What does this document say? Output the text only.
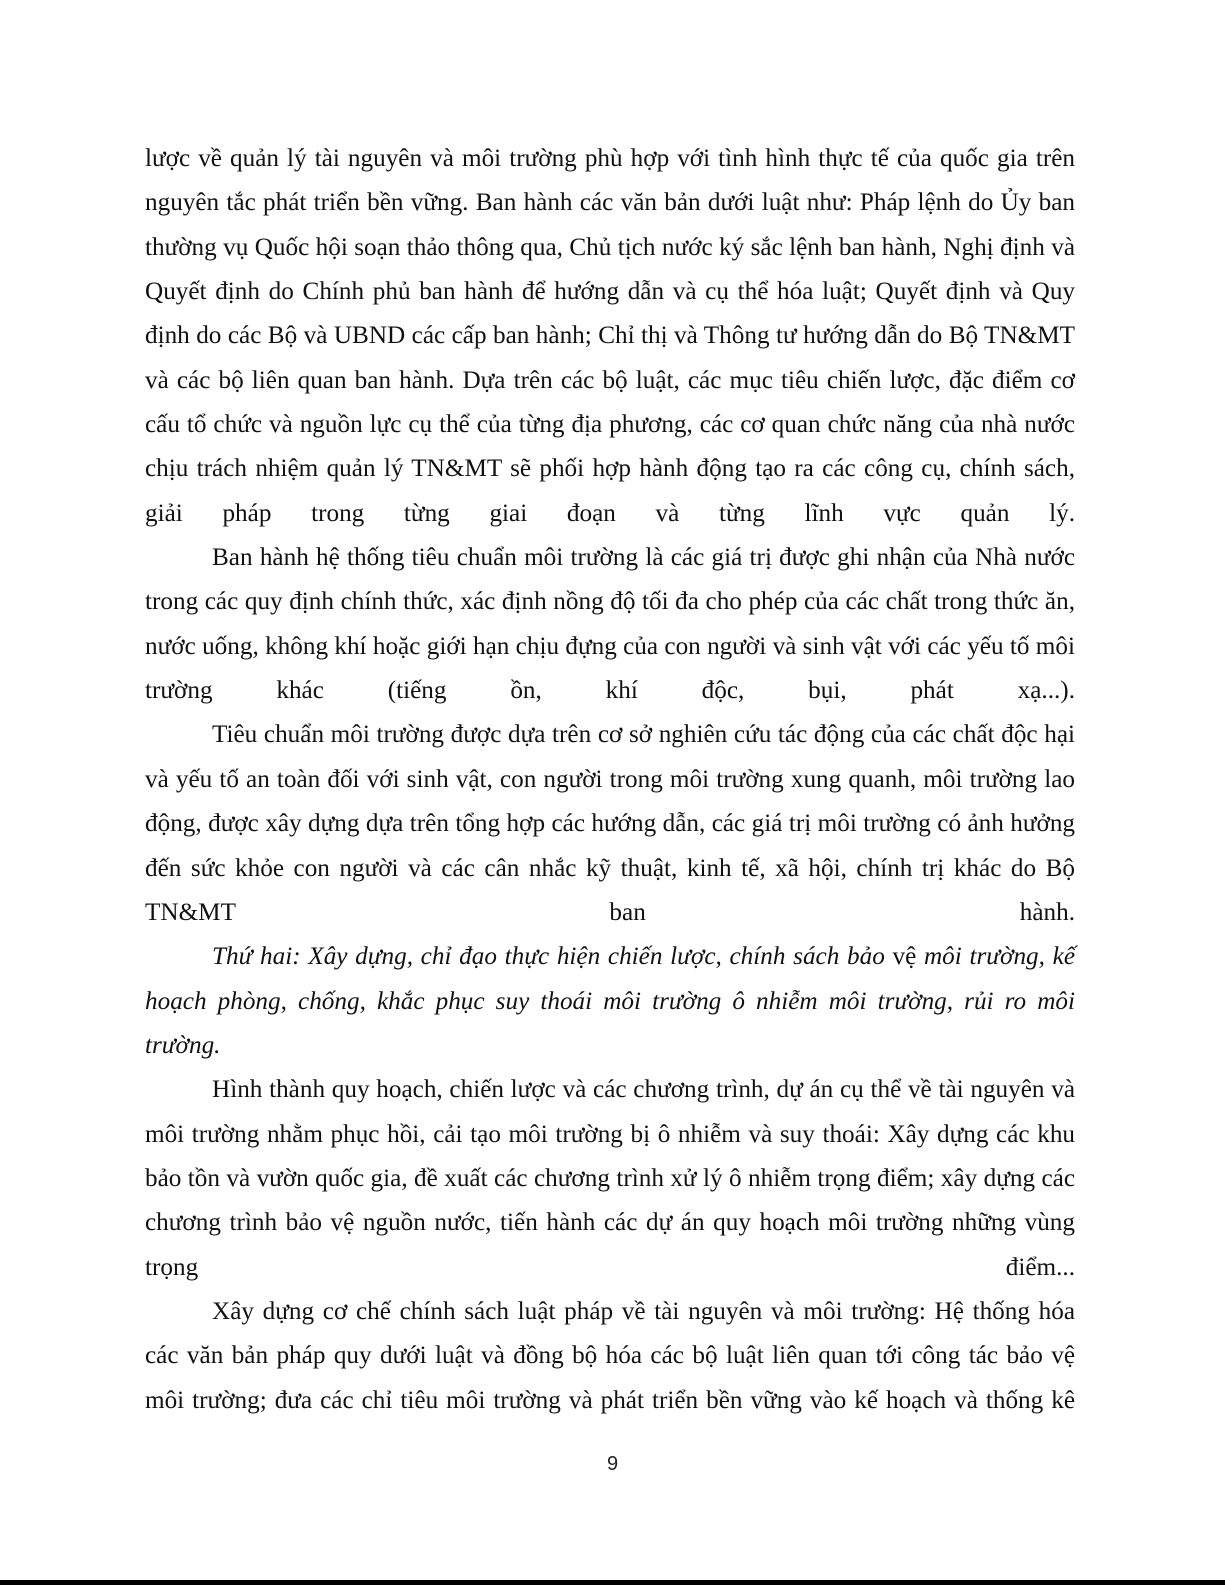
lược về quản lý tài nguyên và môi trường phù hợp với tình hình thực tế của quốc gia trên nguyên tắc phát triển bền vững. Ban hành các văn bản dưới luật như: Pháp lệnh do Ủy ban thường vụ Quốc hội soạn thảo thông qua, Chủ tịch nước ký sắc lệnh ban hành, Nghị định và Quyết định do Chính phủ ban hành để hướng dẫn và cụ thể hóa luật; Quyết định và Quy định do các Bộ và UBND các cấp ban hành; Chỉ thị và Thông tư hướng dẫn do Bộ TN&MT và các bộ liên quan ban hành. Dựa trên các bộ luật, các mục tiêu chiến lược, đặc điểm cơ cấu tổ chức và nguồn lực cụ thể của từng địa phương, các cơ quan chức năng của nhà nước chịu trách nhiệm quản lý TN&MT sẽ phối hợp hành động tạo ra các công cụ, chính sách, giải pháp trong từng giai đoạn và từng lĩnh vực quản lý.
Ban hành hệ thống tiêu chuẩn môi trường là các giá trị được ghi nhận của Nhà nước trong các quy định chính thức, xác định nồng độ tối đa cho phép của các chất trong thức ăn, nước uống, không khí hoặc giới hạn chịu đựng của con người và sinh vật với các yếu tố môi trường khác (tiếng ồn, khí độc, bụi, phát xạ...).
Tiêu chuẩn môi trường được dựa trên cơ sở nghiên cứu tác động của các chất độc hại và yếu tố an toàn đối với sinh vật, con người trong môi trường xung quanh, môi trường lao động, được xây dựng dựa trên tổng hợp các hướng dẫn, các giá trị môi trường có ảnh hưởng đến sức khỏe con người và các cân nhắc kỹ thuật, kinh tế, xã hội, chính trị khác do Bộ TN&MT ban hành.
Thứ hai: Xây dựng, chỉ đạo thực hiện chiến lược, chính sách bảo vệ môi trường, kế hoạch phòng, chống, khắc phục suy thoái môi trường ô nhiễm môi trường, rủi ro môi trường.
Hình thành quy hoạch, chiến lược và các chương trình, dự án cụ thể về tài nguyên và môi trường nhằm phục hồi, cải tạo môi trường bị ô nhiễm và suy thoái: Xây dựng các khu bảo tồn và vườn quốc gia, đề xuất các chương trình xử lý ô nhiễm trọng điểm; xây dựng các chương trình bảo vệ nguồn nước, tiến hành các dự án quy hoạch môi trường những vùng trọng điểm...
Xây dựng cơ chế chính sách luật pháp về tài nguyên và môi trường: Hệ thống hóa các văn bản pháp quy dưới luật và đồng bộ hóa các bộ luật liên quan tới công tác bảo vệ môi trường; đưa các chỉ tiêu môi trường và phát triển bền vững vào kế hoạch và thống kê
9
